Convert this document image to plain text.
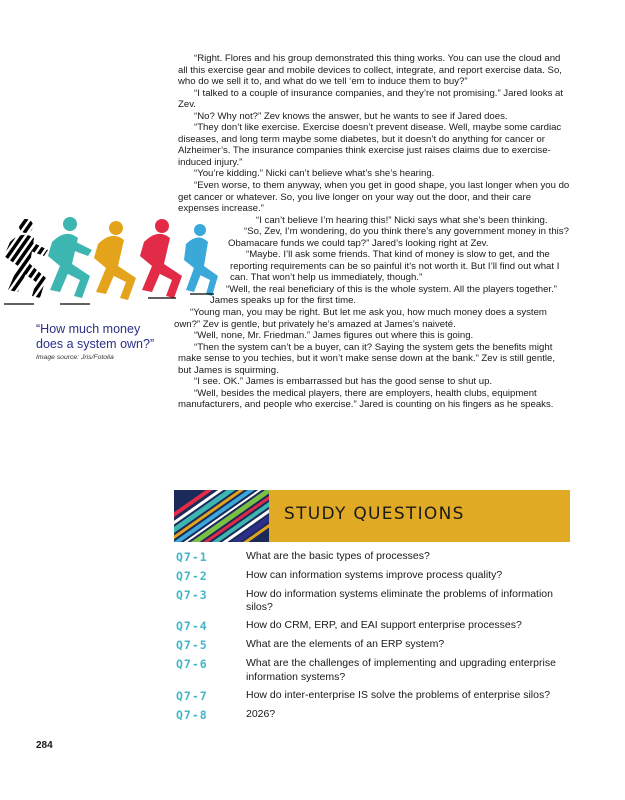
“Right. Flores and his group demonstrated this thing works. You can use the cloud and all this exercise gear and mobile devices to collect, integrate, and report exercise data. So, who do we sell it to, and what do we tell ‘em to induce them to buy?”

“I talked to a couple of insurance companies, and they’re not promising.” Jared looks at Zev.

“No? Why not?” Zev knows the answer, but he wants to see if Jared does.

“They don’t like exercise. Exercise doesn’t prevent disease. Well, maybe some cardiac diseases, and long term maybe some diabetes, but it doesn’t do anything for cancer or Alzheimer’s. The insurance companies think exercise just raises claims due to exercise-induced injury.”

“You’re kidding.” Nicki can’t believe what’s she’s hearing.

“Even worse, to them anyway, when you get in good shape, you last longer when you do get cancer or whatever. So, you live longer on your way out the door, and their care expenses increase.”

“I can’t believe I’m hearing this!” Nicki says what she’s been thinking.

“So, Zev, I’m wondering, do you think there’s any government money in this? Obamacare funds we could tap?” Jared’s looking right at Zev.

“Maybe. I’ll ask some friends. That kind of money is slow to get, and the reporting requirements can be so painful it’s not worth it. But I’ll find out what I can. That won’t help us immediately, though.”

“Well, the real beneficiary of this is the whole system. All the players together.” James speaks up for the first time.

“Young man, you may be right. But let me ask you, how much money does a system own?” Zev is gentle, but privately he’s amazed at James’s naiveté.

“Well, none, Mr. Friedman.” James figures out where this is going.

“Then the system can’t be a buyer, can it? Saying the system gets the benefits might make sense to you techies, but it won’t make sense down at the bank.” Zev is still gentle, but James is squirming.

“I see. OK.” James is embarrassed but has the good sense to shut up.

“Well, besides the medical players, there are employers, health clubs, equipment manufacturers, and people who exercise.” Jared is counting on his fingers as he speaks.

“How much money does a system own?”
Image source: Jris/Fotolia
STUDY QUESTIONS
Q7-1	What are the basic types of processes?
Q7-2	How can information systems improve process quality?
Q7-3	How do information systems eliminate the problems of information silos?
Q7-4	How do CRM, ERP, and EAI support enterprise processes?
Q7-5	What are the elements of an ERP system?
Q7-6	What are the challenges of implementing and upgrading enterprise information systems?
Q7-7	How do inter-enterprise IS solve the problems of enterprise silos?
Q7-8	2026?
284
